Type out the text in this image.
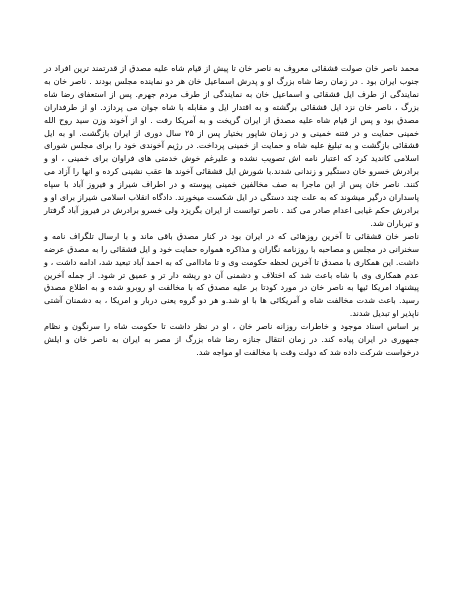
محمد ناصر خان صولت قشقائی معروف به ناصر خان تا پیش از قیام شاه علیه مصدق از قدرتمند ترین افراد در جنوب ایران بود . در زمان رضا شاه بزرگ او و پدرش اسماعیل خان هر دو نماینده مجلس بودند . ناصر خان به نمایندگی از طرف ایل قشقائی و اسماعیل خان به نمایندگی از طرف مردم جهرم. پس از استعفای رضا شاه بزرگ ، ناصر خان نزد ایل قشقائی برگشته و به اقتدار ایل و مقابله با شاه جوان می پردازد. او از طرفداران مصدق بود و پس از قیام شاه علیه مصدق از ایران گریخت و به آمریکا رفت . او از آخوند وزن سید روح الله خمینی حمایت و در فتنه خمینی و در زمان شاپور بختیار پس از ۲۵ سال دوری از ایران بازگشت. او به ایل قشقائی بازگشت و به تبلیغ علیه شاه و حمایت از خمینی پرداخت. در رژیم آخوندی خود را برای مجلس شورای اسلامی کاندید کرد که اعتبار نامه اش تصویب نشده و علیرغم خوش خدمتی های فراوان برای خمینی ، او و برادرش خسرو خان دستگیر و زندانی شدند.با شورش ایل قشقائی آخوند ها عقب نشینی کرده و انها را آزاد می کنند. ناصر خان پس از این ماجرا به صف مخالفین خمینی پیوسته و در اطراف شیراز و فیروز آباد با سپاه پاسداران درگیر میشوند که به علت چند دستگی در ایل شکست میخورند. دادگاه انقلاب اسلامی شیراز برای او و برادرش حکم غیابی اعدام صادر می کند . ناصر توانست از ایران بگریزد ولی خسرو برادرش در فیروز آباد گرفتار و تیرباران شد.

ناصر خان قشقائی تا آخرین روزهائی که در ایران بود در کنار مصدق باقی ماند و با ارسال تلگراف نامه و سخنرانی در مجلس و مصاحبه با روزنامه نگاران و مذاکره همواره حمایت خود و ایل قشقائی را به مصدق عرضه داشت. این همکاری با مصدق تا آخرین لحظه حکومت وی و تا ماداامی که به احمد آباد تبعید شد، ادامه داشت ، و عدم همکاری وی با شاه باعث شد که اختلاف و دشمنی آن دو ریشه دار تر و عمیق تر شود. از جمله آخرین پیشنهاد امریکا ئیها به ناصر خان در مورد کودتا بر علیه مصدق که با مخالفت او روبرو شده و به اطلاع مصدق رسید. باعث شدت مخالفت شاه و آمریکائی ها با او شد.و هر دو گروه یعنی دربار و امریکا ، به دشمنان آشتی ناپذیر او تبدیل شدند.

بر اساس اسناد موجود و خاطرات روزانه ناصر خان ، او در نظر داشت تا حکومت شاه را سرنگون و نظام جمهوری در ایران پیاده کند. در زمان انتقال جنازه رضا شاه بزرگ از مصر به ایران به ناصر خان و ایلش درخواست شرکت داده شد که دولت وقت با مخالفت او مواجه شد.
